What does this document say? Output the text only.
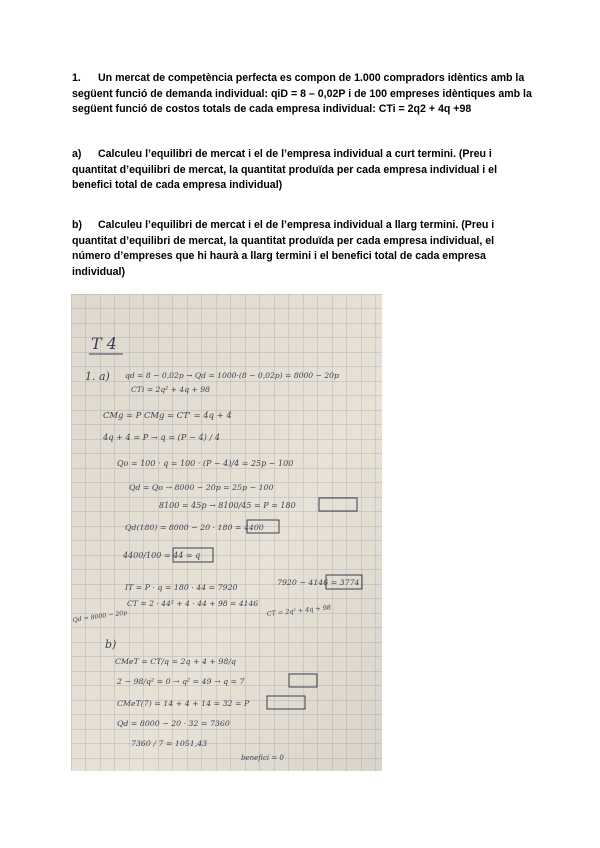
1. Un mercat de competència perfecta es compon de 1.000 compradors idèntics amb la següent funció de demanda individual: qiD = 8 – 0,02P i de 100 empreses idèntiques amb la següent funció de costos totals de cada empresa individual: CTi = 2q2 + 4q +98

a) Calculeu l’equilibri de mercat i el de l’empresa individual a curt termini. (Preu i quantitat d’equilibri de mercat, la quantitat produïda per cada empresa individual i el benefici total de cada empresa individual)

b) Calculeu l’equilibri de mercat i el de l’empresa individual a llarg termini. (Preu i quantitat d’equilibri de mercat, la quantitat produïda per cada empresa individual, el número d’empreses que hi haurà a llarg termini i el benefici total de cada empresa individual)

T 4
1. a) qd = 8 − 0,02p → Qd = 1000·(8 − 0,02p) = 8000 − 20p
CTi = 2q² + 4q + 98
CMg = P CMg = CT' = 4q + 4
4q + 4 = P → q = (P − 4) / 4
Qo = 100 · q = 100 · (P − 4)/4 = 25p − 100
Qd = Qo → 8000 − 20p = 25p − 100
8100 = 45p → 8100/45 = P = 180
Qd(180) = 8000 − 20 · 180 = 4400
4400/100 = 44 = q
IT = P · q = 180 · 44 = 7920
CT = 2 · 44² + 4 · 44 + 98 = 4146
7920 − 4146 = 3774
b)
CMeT = CT/q = 2q + 4 + 98/q
2 − 98/q² = 0 → q² = 49 → q = 7
CMeT(7) = 14 + 4 + 14 = 32 = P
Qd = 8000 − 20 · 32 = 7360
7360 / 7 = 1051,43
benefici = 0
Qd = 8000 − 20p	CT = 2q² + 4q + 98
